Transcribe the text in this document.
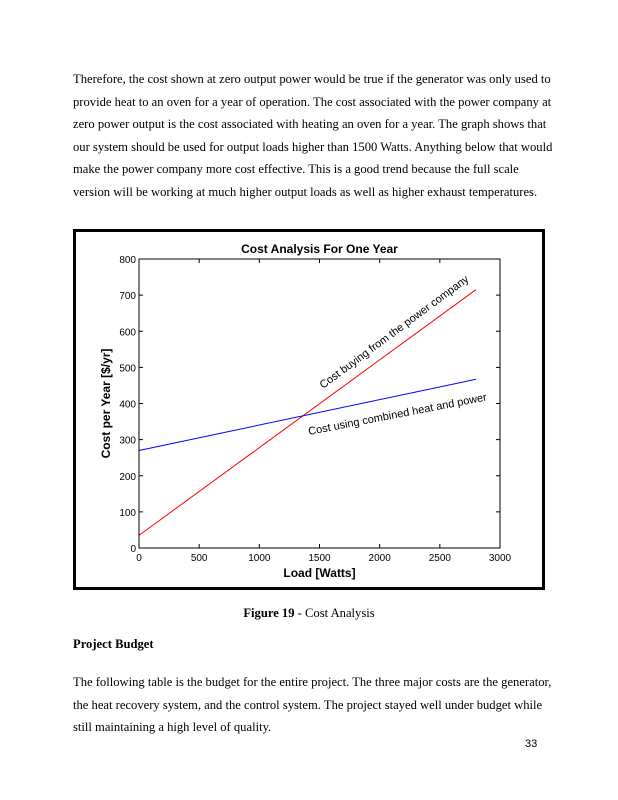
Therefore, the cost shown at zero output power would be true if the generator was only used to provide heat to an oven for a year of operation. The cost associated with the power company at zero power output is the cost associated with heating an oven for a year. The graph shows that our system should be used for output loads higher than 1500 Watts. Anything below that would make the power company more cost effective. This is a good trend because the full scale version will be working at much higher output loads as well as higher exhaust temperatures.

0	500	1000	1500	2000	2500	3000
0
100
200
300
400
500
600
700
800
Cost Analysis For One Year
Load [Watts]
Cost per Year [$/yr]
Cost buying from the power company
Cost using combined heat and power
Figure 19 - Cost Analysis
Project Budget

The following table is the budget for the entire project. The three major costs are the generator, the heat recovery system, and the control system. The project stayed well under budget while still maintaining a high level of quality.

33
